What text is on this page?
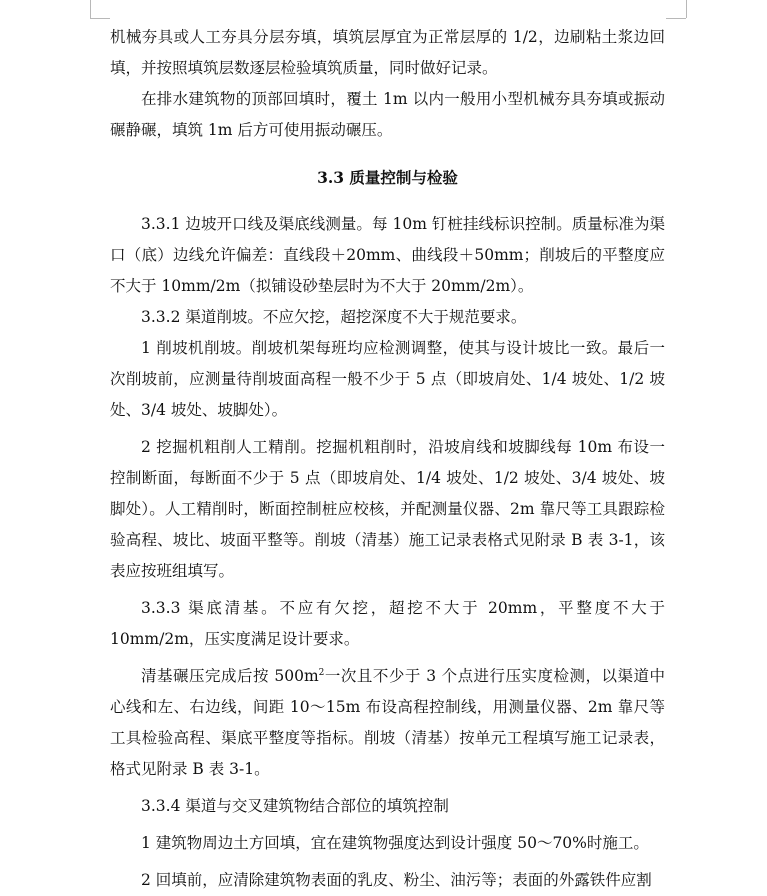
机械夯具或人工夯具分层夯填，填筑层厚宜为正常层厚的 1/2，边刷粘土浆边回填，并按照填筑层数逐层检验填筑质量，同时做好记录。

在排水建筑物的顶部回填时，覆土 1m 以内一般用小型机械夯具夯填或振动碾静碾，填筑 1m 后方可使用振动碾压。

3.3 质量控制与检验

3.3.1 边坡开口线及渠底线测量。每 10m 钉桩挂线标识控制。质量标准为渠口（底）边线允许偏差：直线段＋20mm、曲线段＋50mm；削坡后的平整度应不大于 10mm/2m（拟铺设砂垫层时为不大于 20mm/2m）。

3.3.2 渠道削坡。不应欠挖，超挖深度不大于规范要求。

1 削坡机削坡。削坡机架每班均应检测调整，使其与设计坡比一致。最后一次削坡前，应测量待削坡面高程一般不少于 5 点（即坡肩处、1/4 坡处、1/2 坡处、3/4 坡处、坡脚处）。

2 挖掘机粗削人工精削。挖掘机粗削时，沿坡肩线和坡脚线每 10m 布设一控制断面，每断面不少于 5 点（即坡肩处、1/4 坡处、1/2 坡处、3/4 坡处、坡脚处）。人工精削时，断面控制桩应校核，并配测量仪器、2m 靠尺等工具跟踪检验高程、坡比、坡面平整等。削坡（清基）施工记录表格式见附录 B 表 3-1，该表应按班组填写。

3.3.3 渠底清基。不应有欠挖，超挖不大于 20mm，平整度不大于 10mm/2m，压实度满足设计要求。

清基碾压完成后按 $500m^2$一次且不少于 3 个点进行压实度检测，以渠道中心线和左、右边线，间距 10～15m 布设高程控制线，用测量仪器、2m 靠尺等工具检验高程、渠底平整度等指标。削坡（清基）按单元工程填写施工记录表，格式见附录 B 表 3-1。

3.3.4 渠道与交叉建筑物结合部位的填筑控制

1 建筑物周边土方回填，宜在建筑物强度达到设计强度 50～70%时施工。

2 回填前，应清除建筑物表面的乳皮、粉尘、油污等；表面的外露铁件应割
